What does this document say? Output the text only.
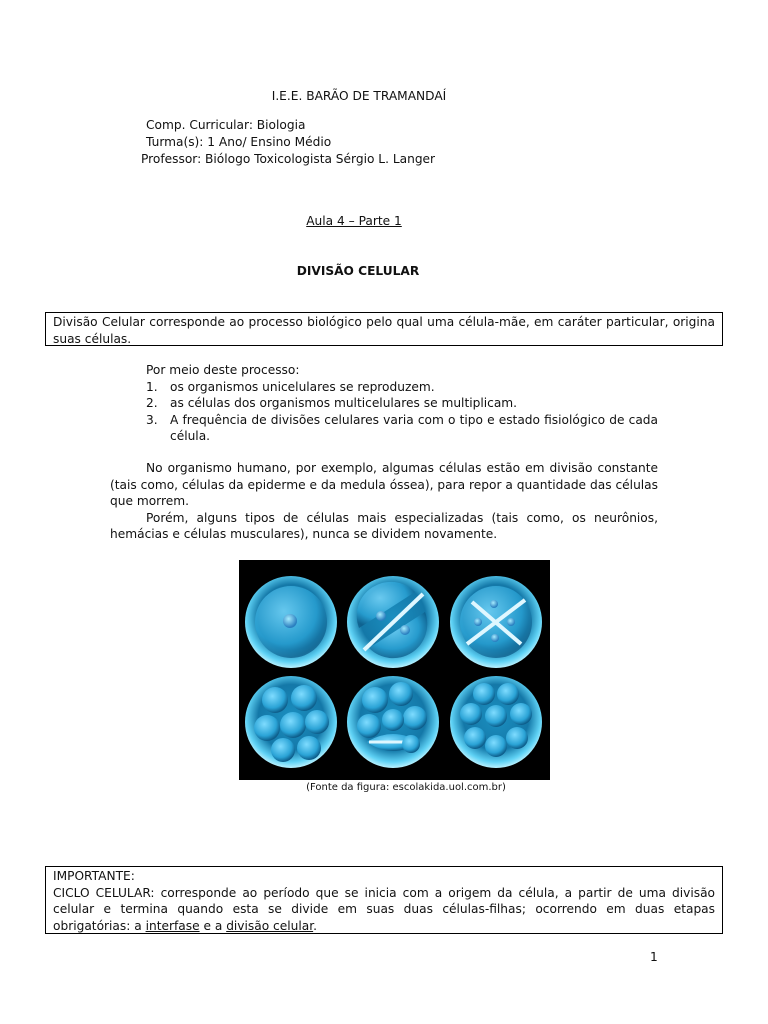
I.E.E. BARÃO DE TRAMANDAÍ
Comp. Curricular: Biologia
Turma(s): 1 Ano/ Ensino Médio
Professor: Biólogo Toxicologista Sérgio L. Langer
Aula 4 – Parte 1
DIVISÃO CELULAR
Divisão Celular corresponde ao processo biológico pelo qual uma célula-mãe, em caráter particular, origina suas células.
Por meio deste processo:
1. os organismos unicelulares se reproduzem.
2. as células dos organismos multicelulares se multiplicam.
3. A frequência de divisões celulares varia com o tipo e estado fisiológico de cada célula.

No organismo humano, por exemplo, algumas células estão em divisão constante (tais como, células da epiderme e da medula óssea), para repor a quantidade das células que morrem.

Porém, alguns tipos de células mais especializadas (tais como, os neurônios, hemácias e células musculares), nunca se dividem novamente.

(Fonte da figura: escolakida.uol.com.br)
IMPORTANTE:
CICLO CELULAR: corresponde ao período que se inicia com a origem da célula, a partir de uma divisão celular e termina quando esta se divide em suas duas células-filhas; ocorrendo em duas etapas obrigatórias: a interfase e a divisão celular.
1
